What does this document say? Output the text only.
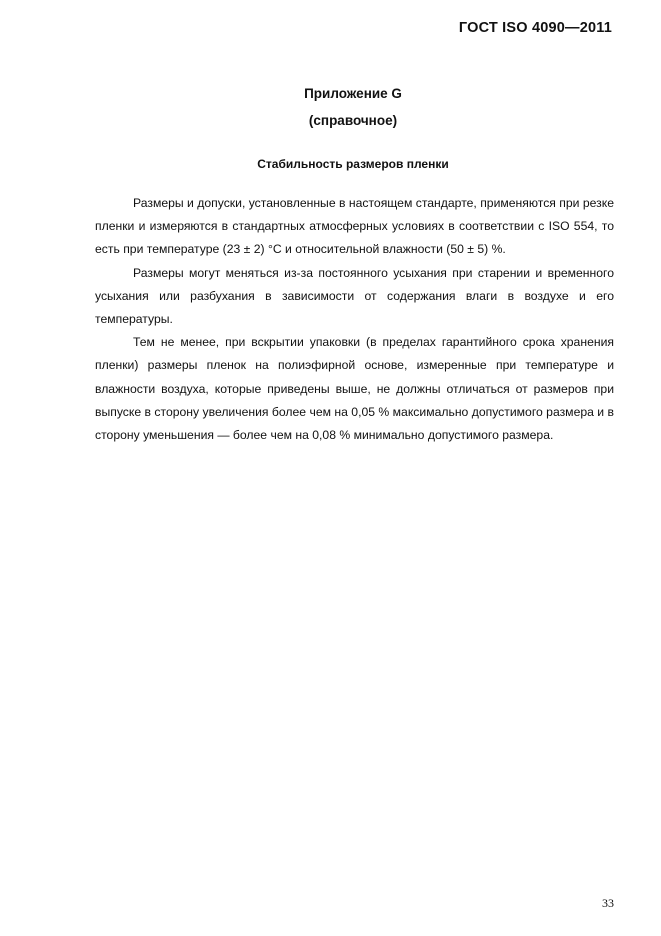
ГОСТ ISO 4090—2011
Приложение G
(справочное)
Стабильность размеров пленки

Размеры и допуски, установленные в настоящем стандарте, применяются при резке пленки и измеряются в стандартных атмосферных условиях в соответствии с ISO 554, то есть при температуре (23 ± 2) °С и относительной влажности (50 ± 5) %.

Размеры могут меняться из-за постоянного усыхания при старении и временного усыхания или разбухания в зависимости от содержания влаги в воздухе и его температуры.

Тем не менее, при вскрытии упаковки (в пределах гарантийного срока хранения пленки) размеры пленок на полиэфирной основе, измеренные при температуре и влажности воздуха, которые приведены выше, не должны отличаться от размеров при выпуске в сторону увеличения более чем на 0,05 % максимально допустимого размера и в сторону уменьшения — более чем на 0,08 % минимально допустимого размера.

33
